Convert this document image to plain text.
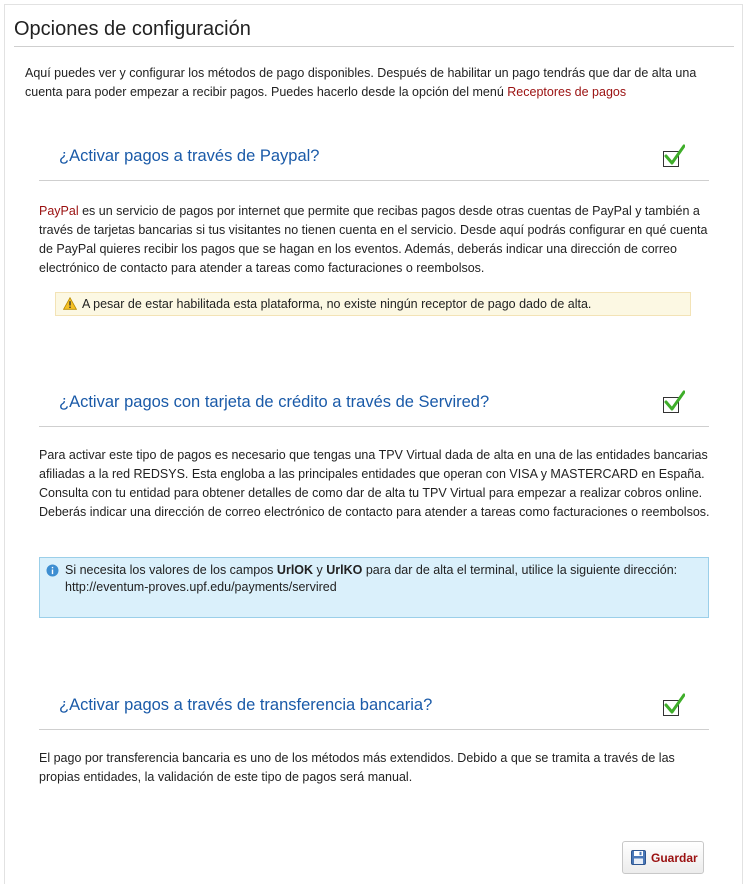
Opciones de configuración
Aquí puedes ver y configurar los métodos de pago disponibles. Después de habilitar un pago tendrás que dar de alta una cuenta para poder empezar a recibir pagos. Puedes hacerlo desde la opción del menú Receptores de pagos
¿Activar pagos a través de Paypal?
PayPal es un servicio de pagos por internet que permite que recibas pagos desde otras cuentas de PayPal y también a través de tarjetas bancarias si tus visitantes no tienen cuenta en el servicio. Desde aquí podrás configurar en qué cuenta de PayPal quieres recibir los pagos que se hagan en los eventos. Además, deberás indicar una dirección de correo electrónico de contacto para atender a tareas como facturaciones o reembolsos.
A pesar de estar habilitada esta plataforma, no existe ningún receptor de pago dado de alta.
¿Activar pagos con tarjeta de crédito a través de Servired?
Para activar este tipo de pagos es necesario que tengas una TPV Virtual dada de alta en una de las entidades bancarias afiliadas a la red REDSYS. Esta engloba a las principales entidades que operan con VISA y MASTERCARD en España. Consulta con tu entidad para obtener detalles de como dar de alta tu TPV Virtual para empezar a realizar cobros online. Deberás indicar una dirección de correo electrónico de contacto para atender a tareas como facturaciones o reembolsos.
Si necesita los valores de los campos UrlOK y UrlKO para dar de alta el terminal, utilice la siguiente dirección:
http://eventum-proves.upf.edu/payments/servired
¿Activar pagos a través de transferencia bancaria?
El pago por transferencia bancaria es uno de los métodos más extendidos. Debido a que se tramita a través de las propias entidades, la validación de este tipo de pagos será manual.
Guardar
